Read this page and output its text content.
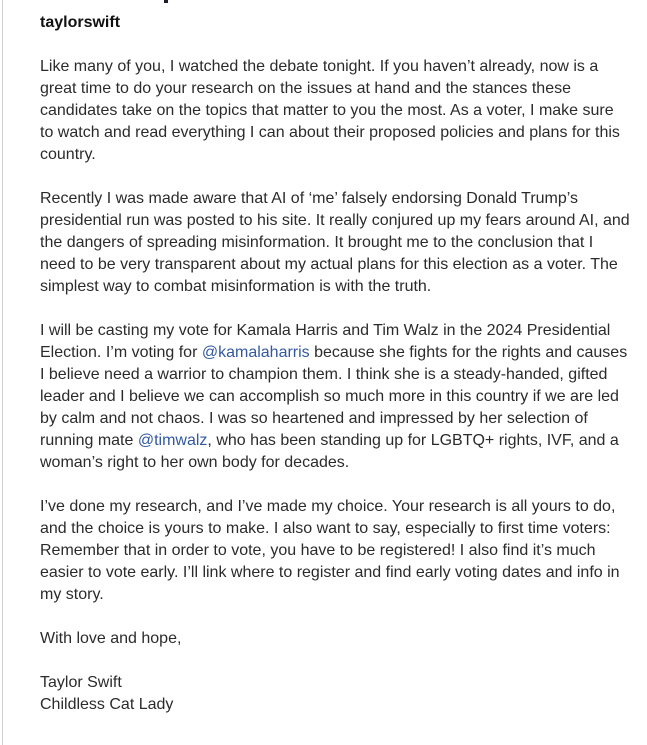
taylorswift

Like many of you, I watched the debate tonight. If you haven’t already, now is a great time to do your research on the issues at hand and the stances these candidates take on the topics that matter to you the most. As a voter, I make sure to watch and read everything I can about their proposed policies and plans for this country.

Recently I was made aware that AI of ‘me’ falsely endorsing Donald Trump’s presidential run was posted to his site. It really conjured up my fears around AI, and the dangers of spreading misinformation. It brought me to the conclusion that I need to be very transparent about my actual plans for this election as a voter. The simplest way to combat misinformation is with the truth.

I will be casting my vote for Kamala Harris and Tim Walz in the 2024 Presidential Election. I’m voting for @kamalaharris because she fights for the rights and causes I believe need a warrior to champion them. I think she is a steady-handed, gifted leader and I believe we can accomplish so much more in this country if we are led by calm and not chaos. I was so heartened and impressed by her selection of running mate @timwalz, who has been standing up for LGBTQ+ rights, IVF, and a woman’s right to her own body for decades.

I’ve done my research, and I’ve made my choice. Your research is all yours to do, and the choice is yours to make. I also want to say, especially to first time voters: Remember that in order to vote, you have to be registered! I also find it’s much easier to vote early. I’ll link where to register and find early voting dates and info in my story.

With love and hope,

Taylor Swift
Childless Cat Lady
